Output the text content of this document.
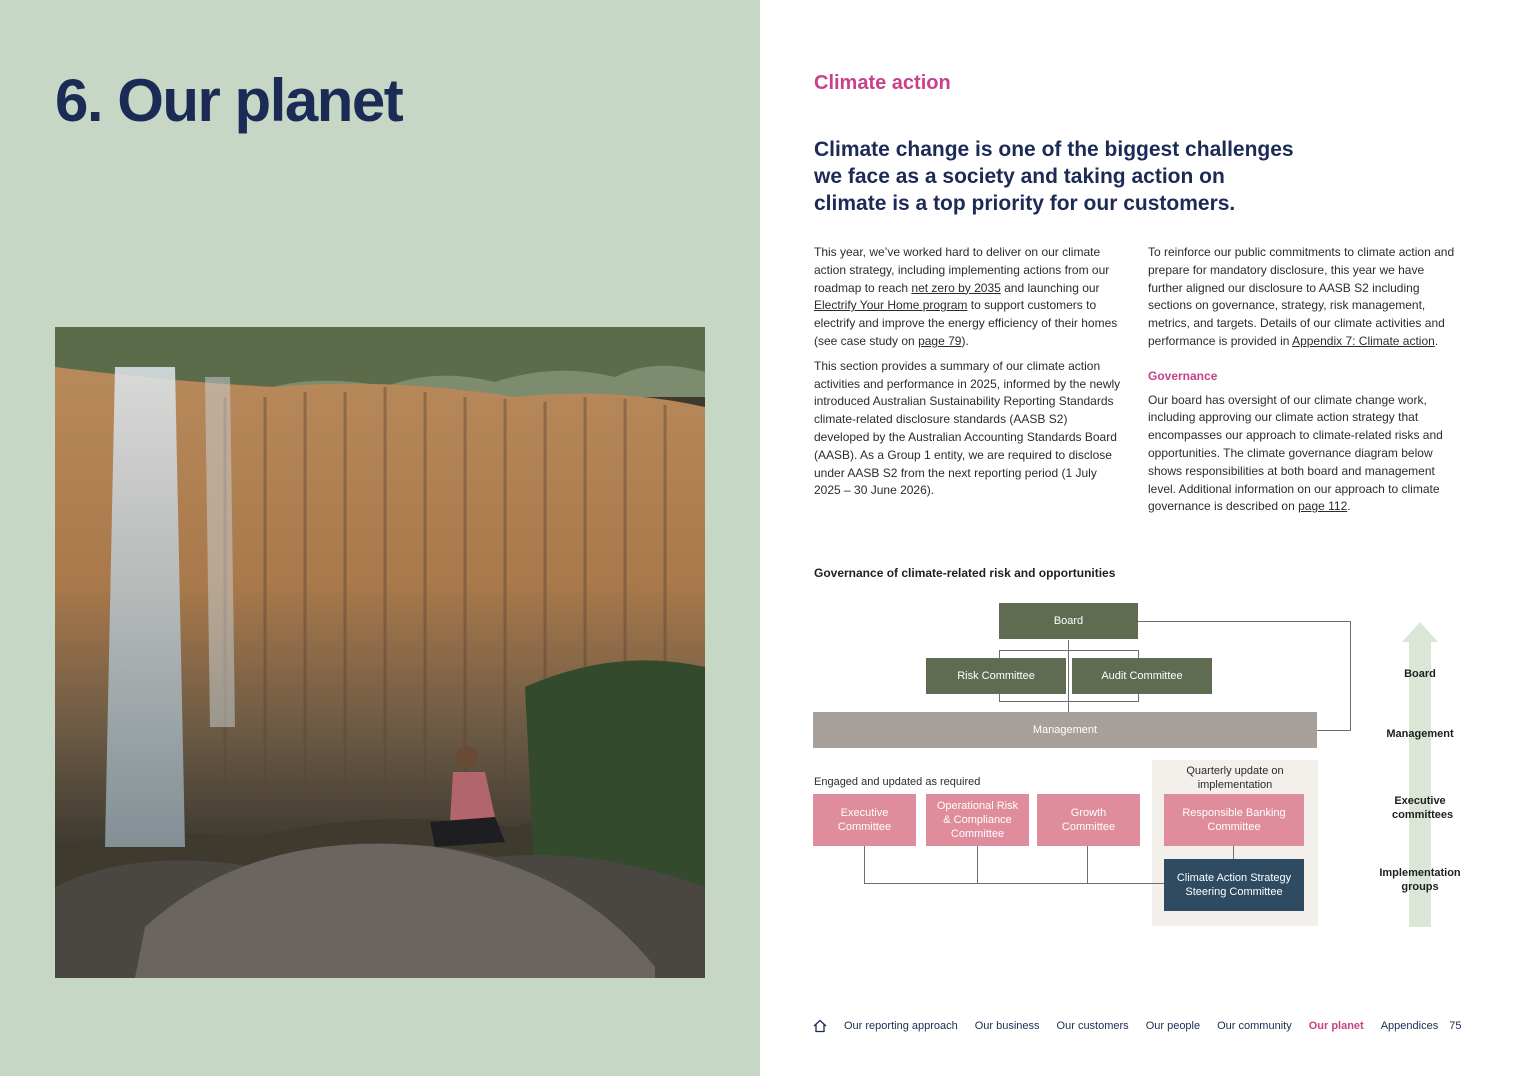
6. Our planet	Climate action
Climate change is one of the biggest challenges we face as a society and taking action on climate is a top priority for our customers.

This year, we’ve worked hard to deliver on our climate action strategy, including implementing actions from our roadmap to reach net zero by 2035 and launching our Electrify Your Home program to support customers to electrify and improve the energy efficiency of their homes (see case study on page 79).

This section provides a summary of our climate action activities and performance in 2025, informed by the newly introduced Australian Sustainability Reporting Standards climate-related disclosure standards (AASB S2) developed by the Australian Accounting Standards Board (AASB). As a Group 1 entity, we are required to disclose under AASB S2 from the next reporting period (1 July 2025 – 30 June 2026).

To reinforce our public commitments to climate action and prepare for mandatory disclosure, this year we have further aligned our disclosure to AASB S2 including sections on governance, strategy, risk management, metrics, and targets. Details of our climate activities and performance is provided in Appendix 7: Climate action.

Governance

Our board has oversight of our climate change work, including approving our climate action strategy that encompasses our approach to climate-related risks and opportunities. The climate governance diagram below shows responsibilities at both board and management level. Additional information on our approach to climate governance is described on page 112.

Governance of climate-related risk and opportunities
Board
Risk Committee	Audit Committee
Management
Engaged and updated as required
Quarterly update on implementation
Executive Committee
Operational Risk & Compliance Committee
Growth Committee
Responsible Banking Committee
Climate Action Strategy Steering Committee
Board
Management
Executive committees
Implementation groups
Our reporting approach Our business Our customers Our people Our community Our planet Appendices 75
